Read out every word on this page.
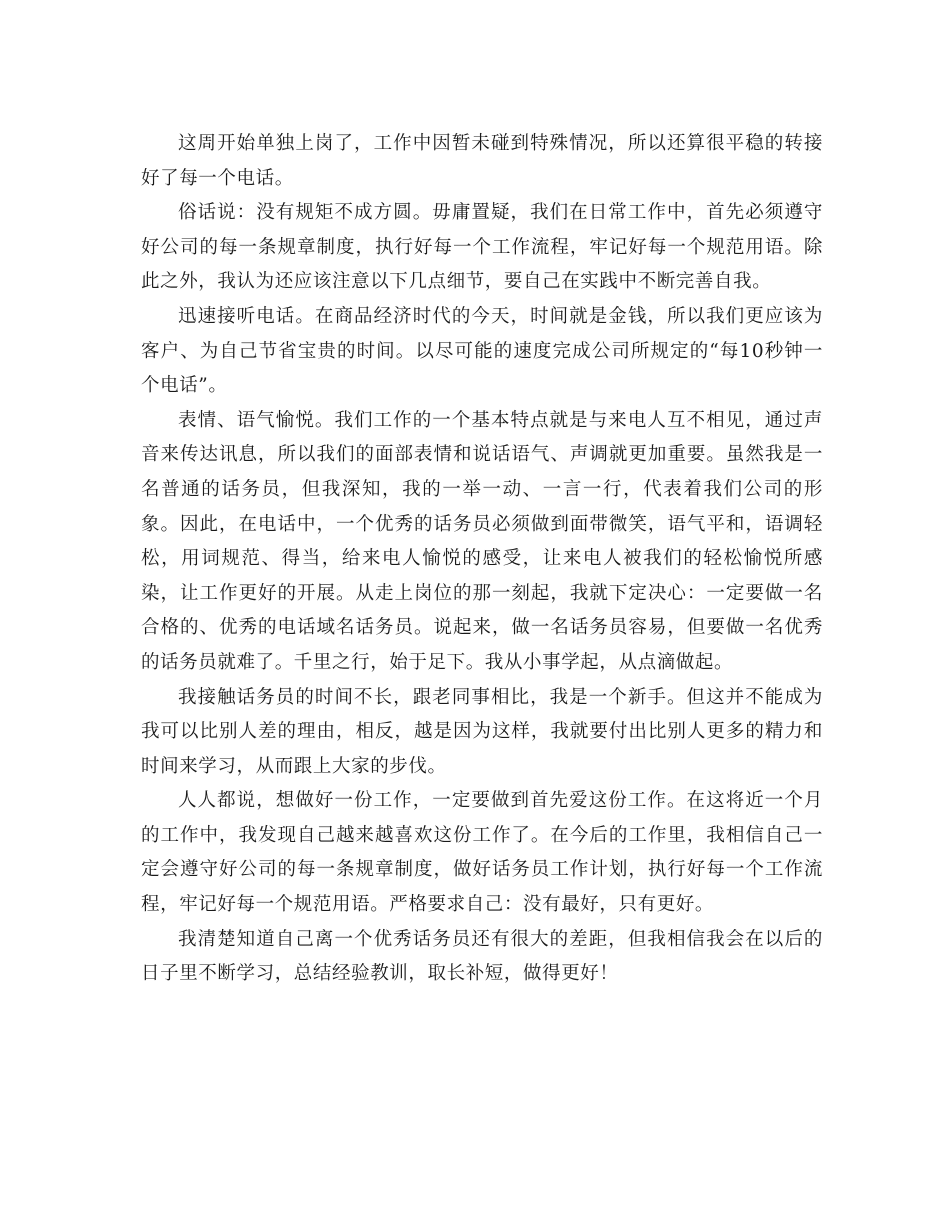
这周开始单独上岗了，工作中因暂未碰到特殊情况，所以还算很平稳的转接好了每一个电话。

俗话说：没有规矩不成方圆。毋庸置疑，我们在日常工作中，首先必须遵守好公司的每一条规章制度，执行好每一个工作流程，牢记好每一个规范用语。除此之外，我认为还应该注意以下几点细节，要自己在实践中不断完善自我。

迅速接听电话。在商品经济时代的今天，时间就是金钱，所以我们更应该为客户、为自己节省宝贵的时间。以尽可能的速度完成公司所规定的“每10秒钟一个电话”。

表情、语气愉悦。我们工作的一个基本特点就是与来电人互不相见，通过声音来传达讯息，所以我们的面部表情和说话语气、声调就更加重要。虽然我是一名普通的话务员，但我深知，我的一举一动、一言一行，代表着我们公司的形象。因此，在电话中，一个优秀的话务员必须做到面带微笑，语气平和，语调轻松，用词规范、得当，给来电人愉悦的感受，让来电人被我们的轻松愉悦所感染，让工作更好的开展。从走上岗位的那一刻起，我就下定决心：一定要做一名合格的、优秀的电话域名话务员。说起来，做一名话务员容易，但要做一名优秀的话务员就难了。千里之行，始于足下。我从小事学起，从点滴做起。

我接触话务员的时间不长，跟老同事相比，我是一个新手。但这并不能成为我可以比别人差的理由，相反，越是因为这样，我就要付出比别人更多的精力和时间来学习，从而跟上大家的步伐。

人人都说，想做好一份工作，一定要做到首先爱这份工作。在这将近一个月的工作中，我发现自己越来越喜欢这份工作了。在今后的工作里，我相信自己一定会遵守好公司的每一条规章制度，做好话务员工作计划，执行好每一个工作流程，牢记好每一个规范用语。严格要求自己：没有最好，只有更好。

我清楚知道自己离一个优秀话务员还有很大的差距，但我相信我会在以后的日子里不断学习，总结经验教训，取长补短，做得更好！
